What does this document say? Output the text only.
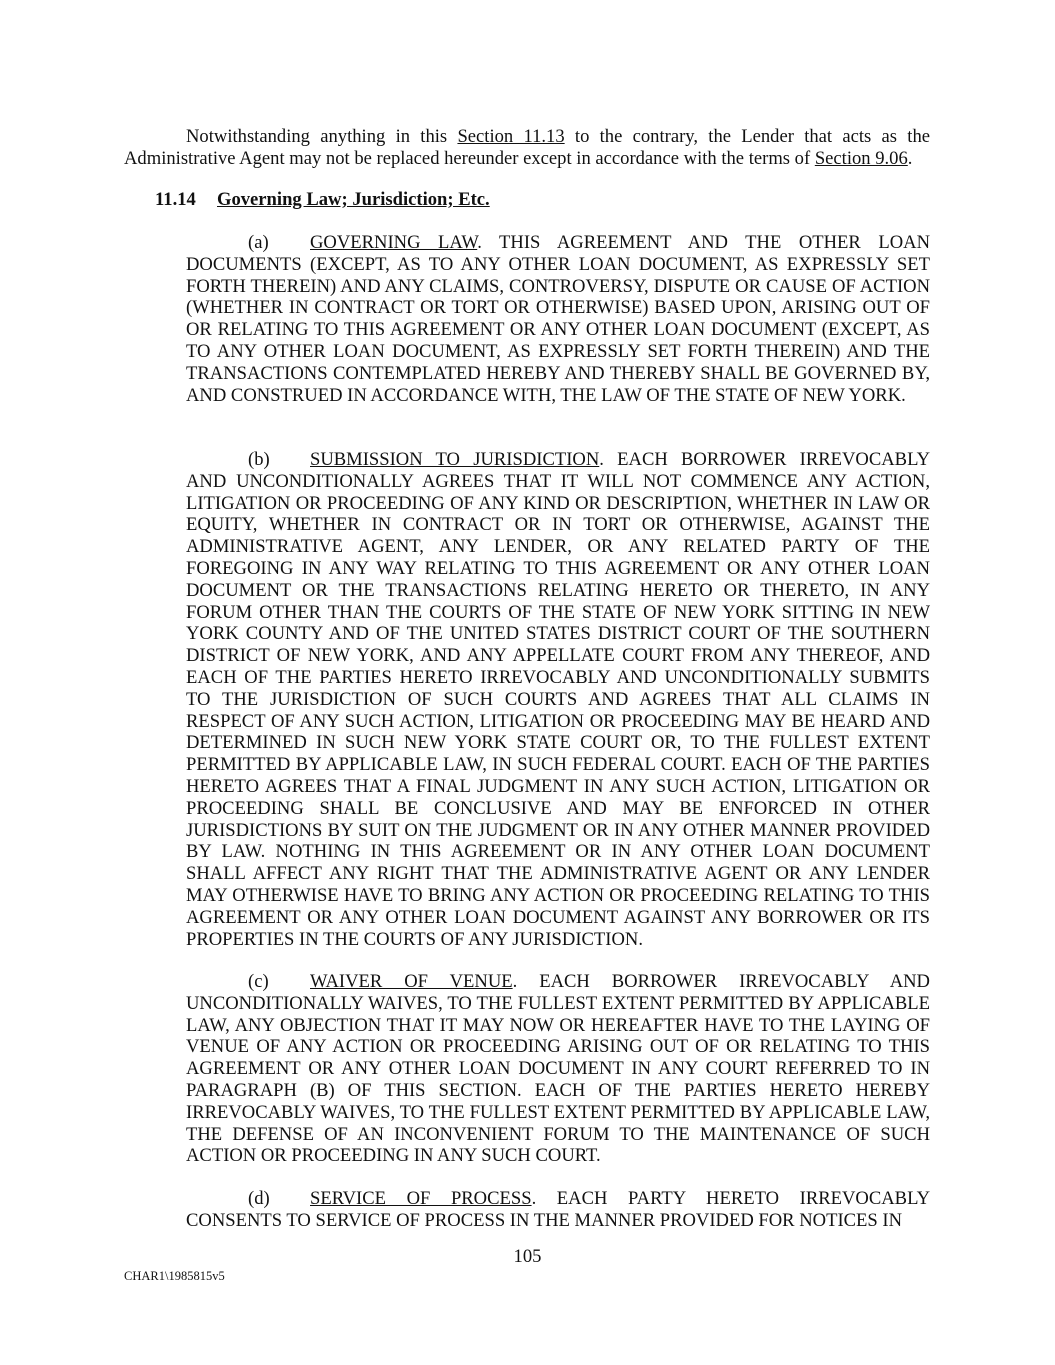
Notwithstanding anything in this Section 11.13 to the contrary, the Lender that acts as the Administrative Agent may not be replaced hereunder except in accordance with the terms of Section 9.06.

11.14 Governing Law; Jurisdiction; Etc.

(a) GOVERNING LAW. THIS AGREEMENT AND THE OTHER LOAN DOCUMENTS (EXCEPT, AS TO ANY OTHER LOAN DOCUMENT, AS EXPRESSLY SET FORTH THEREIN) AND ANY CLAIMS, CONTROVERSY, DISPUTE OR CAUSE OF ACTION (WHETHER IN CONTRACT OR TORT OR OTHERWISE) BASED UPON, ARISING OUT OF OR RELATING TO THIS AGREEMENT OR ANY OTHER LOAN DOCUMENT (EXCEPT, AS TO ANY OTHER LOAN DOCUMENT, AS EXPRESSLY SET FORTH THEREIN) AND THE TRANSACTIONS CONTEMPLATED HEREBY AND THEREBY SHALL BE GOVERNED BY, AND CONSTRUED IN ACCORDANCE WITH, THE LAW OF THE STATE OF NEW YORK.

(b) SUBMISSION TO JURISDICTION. EACH BORROWER IRREVOCABLY AND UNCONDITIONALLY AGREES THAT IT WILL NOT COMMENCE ANY ACTION, LITIGATION OR PROCEEDING OF ANY KIND OR DESCRIPTION, WHETHER IN LAW OR EQUITY, WHETHER IN CONTRACT OR IN TORT OR OTHERWISE, AGAINST THE ADMINISTRATIVE AGENT, ANY LENDER, OR ANY RELATED PARTY OF THE FOREGOING IN ANY WAY RELATING TO THIS AGREEMENT OR ANY OTHER LOAN DOCUMENT OR THE TRANSACTIONS RELATING HERETO OR THERETO, IN ANY FORUM OTHER THAN THE COURTS OF THE STATE OF NEW YORK SITTING IN NEW YORK COUNTY AND OF THE UNITED STATES DISTRICT COURT OF THE SOUTHERN DISTRICT OF NEW YORK, AND ANY APPELLATE COURT FROM ANY THEREOF, AND EACH OF THE PARTIES HERETO IRREVOCABLY AND UNCONDITIONALLY SUBMITS TO THE JURISDICTION OF SUCH COURTS AND AGREES THAT ALL CLAIMS IN RESPECT OF ANY SUCH ACTION, LITIGATION OR PROCEEDING MAY BE HEARD AND DETERMINED IN SUCH NEW YORK STATE COURT OR, TO THE FULLEST EXTENT PERMITTED BY APPLICABLE LAW, IN SUCH FEDERAL COURT. EACH OF THE PARTIES HERETO AGREES THAT A FINAL JUDGMENT IN ANY SUCH ACTION, LITIGATION OR PROCEEDING SHALL BE CONCLUSIVE AND MAY BE ENFORCED IN OTHER JURISDICTIONS BY SUIT ON THE JUDGMENT OR IN ANY OTHER MANNER PROVIDED BY LAW. NOTHING IN THIS AGREEMENT OR IN ANY OTHER LOAN DOCUMENT SHALL AFFECT ANY RIGHT THAT THE ADMINISTRATIVE AGENT OR ANY LENDER MAY OTHERWISE HAVE TO BRING ANY ACTION OR PROCEEDING RELATING TO THIS AGREEMENT OR ANY OTHER LOAN DOCUMENT AGAINST ANY BORROWER OR ITS PROPERTIES IN THE COURTS OF ANY JURISDICTION.

(c) WAIVER OF VENUE. EACH BORROWER IRREVOCABLY AND UNCONDITIONALLY WAIVES, TO THE FULLEST EXTENT PERMITTED BY APPLICABLE LAW, ANY OBJECTION THAT IT MAY NOW OR HEREAFTER HAVE TO THE LAYING OF VENUE OF ANY ACTION OR PROCEEDING ARISING OUT OF OR RELATING TO THIS AGREEMENT OR ANY OTHER LOAN DOCUMENT IN ANY COURT REFERRED TO IN PARAGRAPH (B) OF THIS SECTION. EACH OF THE PARTIES HERETO HEREBY IRREVOCABLY WAIVES, TO THE FULLEST EXTENT PERMITTED BY APPLICABLE LAW, THE DEFENSE OF AN INCONVENIENT FORUM TO THE MAINTENANCE OF SUCH ACTION OR PROCEEDING IN ANY SUCH COURT.

(d) SERVICE OF PROCESS. EACH PARTY HERETO IRREVOCABLY CONSENTS TO SERVICE OF PROCESS IN THE MANNER PROVIDED FOR NOTICES IN

105

CHAR1\1985815v5
